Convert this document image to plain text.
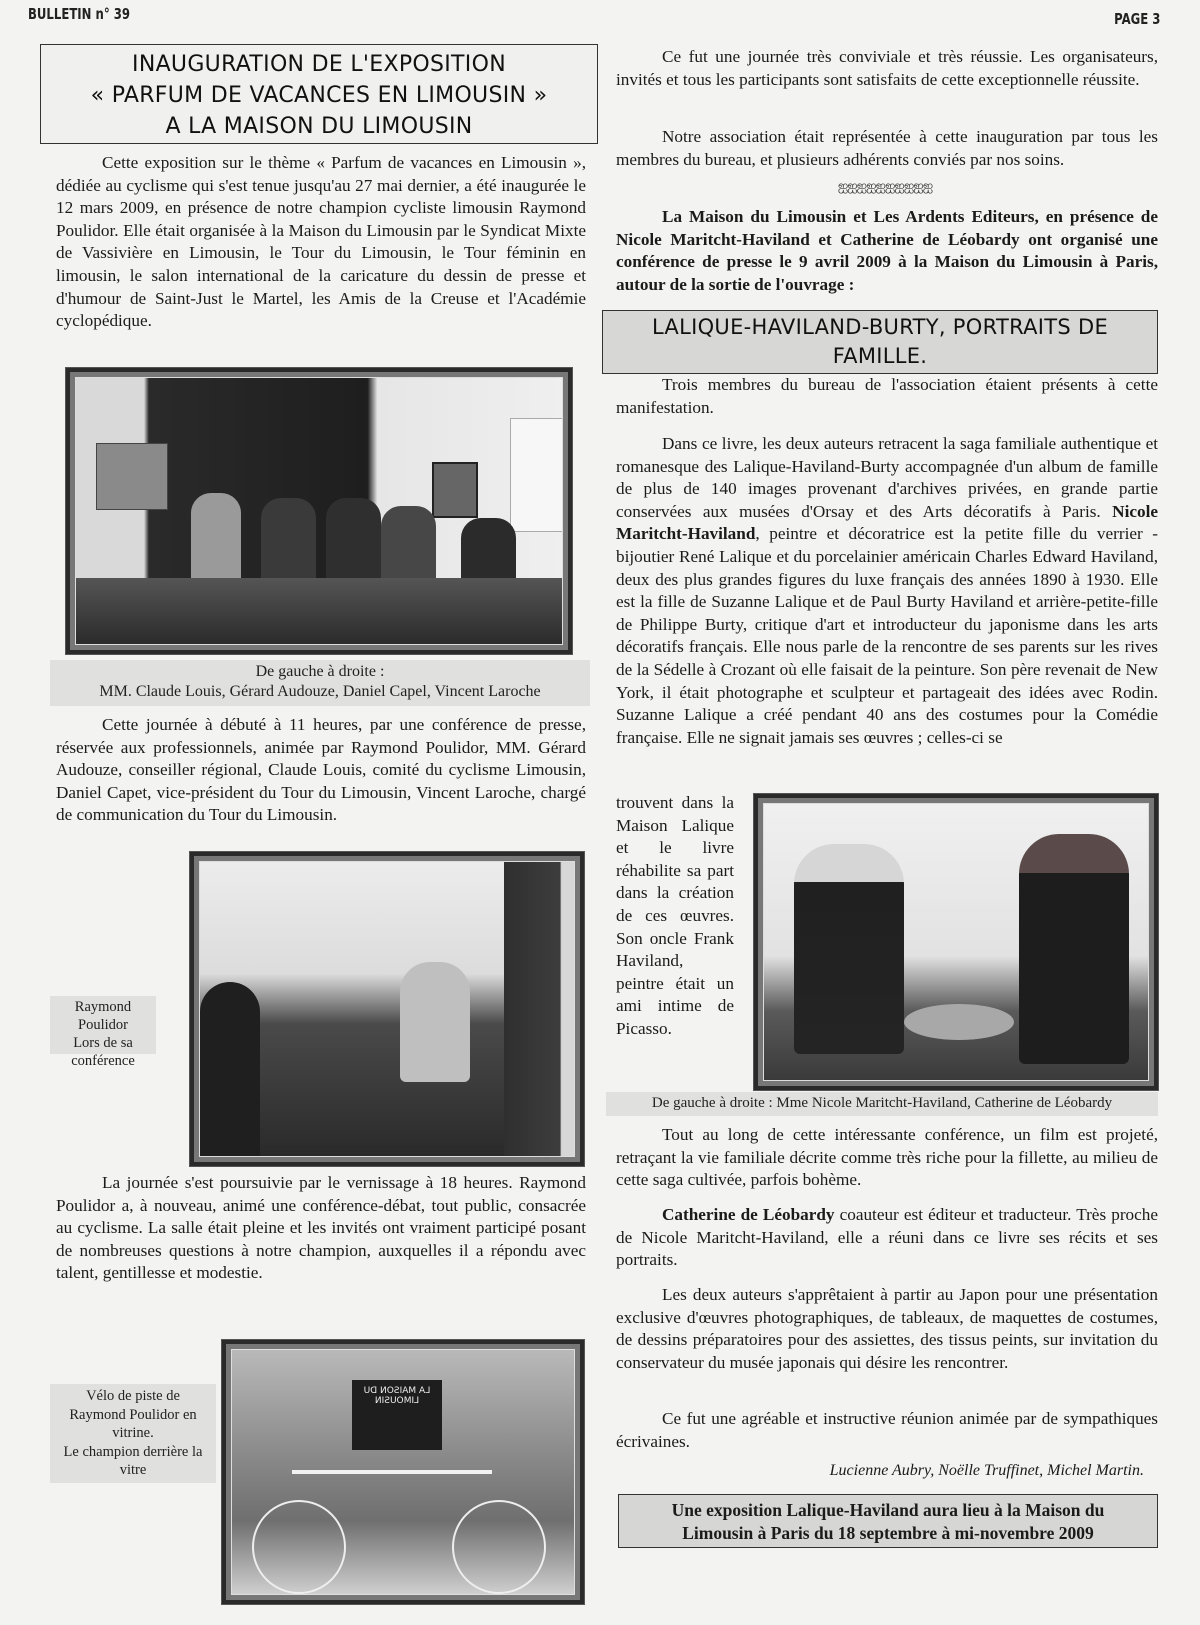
BULLETIN n° 39	PAGE 3
INAUGURATION DE L'EXPOSITION
« PARFUM DE VACANCES EN LIMOUSIN »
A LA MAISON DU LIMOUSIN

Cette exposition sur le thème « Parfum de vacances en Limousin », dédiée au cyclisme qui s'est tenue jusqu'au 27 mai dernier, a été inaugurée le 12 mars 2009, en présence de notre champion cycliste limousin Raymond Poulidor. Elle était organisée à la Maison du Limousin par le Syndicat Mixte de Vassivière en Limousin, le Tour du Limousin, le Tour féminin en limousin, le salon international de la caricature du dessin de presse et d'humour de Saint-Just le Martel, les Amis de la Creuse et l'Académie cyclopédique.

De gauche à droite :
MM. Claude Louis, Gérard Audouze, Daniel Capel, Vincent Laroche

Cette journée à débuté à 11 heures, par une conférence de presse, réservée aux professionnels, animée par Raymond Poulidor, MM. Gérard Audouze, conseiller régional, Claude Louis, comité du cyclisme Limousin, Daniel Capet, vice-président du Tour du Limousin, Vincent Laroche, chargé de communication du Tour du Limousin.

Raymond Poulidor
Lors de sa
conférence

La journée s'est poursuivie par le vernissage à 18 heures. Raymond Poulidor a, à nouveau, animé une conférence-débat, tout public, consacrée au cyclisme. La salle était pleine et les invités ont vraiment participé posant de nombreuses questions à notre champion, auxquelles il a répondu avec talent, gentillesse et modestie.

LA MAISON DU LIMOUSIN
Vélo de piste de
Raymond Poulidor en
vitrine.
Le champion derrière la
vitre

Ce fut une journée très conviviale et très réussie. Les organisateurs, invités et tous les participants sont satisfaits de cette exceptionnelle réussite.

Notre association était représentée à cette inauguration par tous les membres du bureau, et plusieurs adhérents conviés par nos soins.

ஐஐஐஐஐஐஐஐஐஐ

La Maison du Limousin et Les Ardents Editeurs, en présence de Nicole Maritcht-Haviland et Catherine de Léobardy ont organisé une conférence de presse le 9 avril 2009 à la Maison du Limousin à Paris, autour de la sortie de l'ouvrage :

LALIQUE-HAVILAND-BURTY, PORTRAITS DE
FAMILLE.

Trois membres du bureau de l'association étaient présents à cette manifestation.

Dans ce livre, les deux auteurs retracent la saga familiale authentique et romanesque des Lalique-Haviland-Burty accompagnée d'un album de famille de plus de 140 images provenant d'archives privées, en grande partie conservées aux musées d'Orsay et des Arts décoratifs à Paris. Nicole Maritcht-Haviland, peintre et décoratrice est la petite fille du verrier - bijoutier René Lalique et du porcelainier américain Charles Edward Haviland, deux des plus grandes figures du luxe français des années 1890 à 1930. Elle est la fille de Suzanne Lalique et de Paul Burty Haviland et arrière-petite-fille de Philippe Burty, critique d'art et introducteur du japonisme dans les arts décoratifs français. Elle nous parle de la rencontre de ses parents sur les rives de la Sédelle à Crozant où elle faisait de la peinture. Son père revenait de New York, il était photographe et sculpteur et partageait des idées avec Rodin. Suzanne Lalique a créé pendant 40 ans des costumes pour la Comédie française. Elle ne signait jamais ses œuvres ; celles-ci se

trouvent dans la Maison Lalique et le livre réhabilite sa part dans la création de ces œuvres. Son oncle Frank Haviland, peintre était un ami intime de Picasso.

De gauche à droite : Mme Nicole Maritcht-Haviland, Catherine de Léobardy

Tout au long de cette intéressante conférence, un film est projeté, retraçant la vie familiale décrite comme très riche pour la fillette, au milieu de cette saga cultivée, parfois bohème.

Catherine de Léobardy coauteur est éditeur et traducteur. Très proche de Nicole Maritcht-Haviland, elle a réuni dans ce livre ses récits et ses portraits.

Les deux auteurs s'apprêtaient à partir au Japon pour une présentation exclusive d'œuvres photographiques, de tableaux, de maquettes de costumes, de dessins préparatoires pour des assiettes, des tissus peints, sur invitation du conservateur du musée japonais qui désire les rencontrer.

Ce fut une agréable et instructive réunion animée par de sympathiques écrivaines.

Lucienne Aubry, Noëlle Truffinet, Michel Martin.
Une exposition Lalique-Haviland aura lieu à la Maison du
Limousin à Paris du 18 septembre à mi-novembre 2009
